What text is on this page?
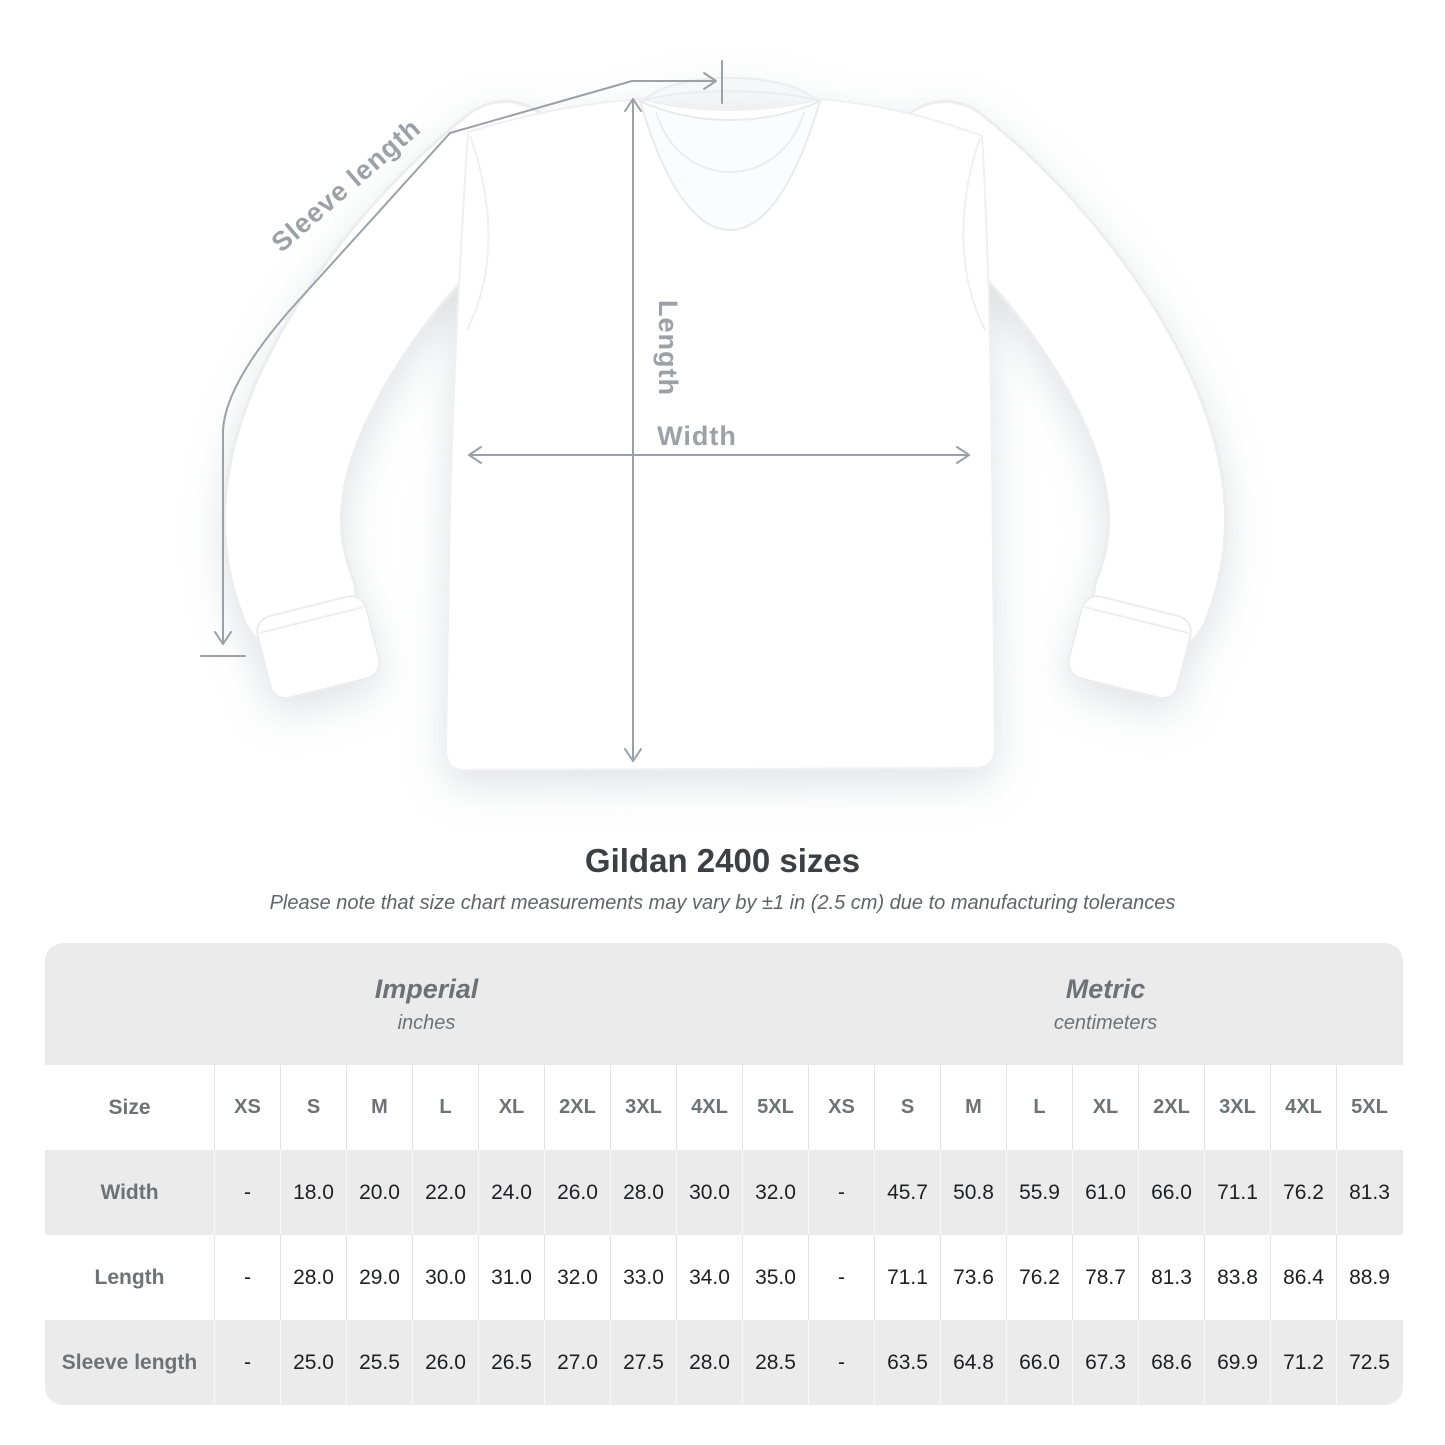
Width
Length
Sleeve length
Gildan 2400 sizes
Please note that size chart measurements may vary by ±1 in (2.5 cm) due to manufacturing tolerances
Imperial
inches
Metric
centimeters
Size	XS	S	M	L	XL	2XL	3XL	4XL	5XL	XS	S	M	L	XL	2XL	3XL	4XL	5XL
Width	-	18.0	20.0	22.0	24.0	26.0	28.0	30.0	32.0	-	45.7	50.8	55.9	61.0	66.0	71.1	76.2	81.3
Length	-	28.0	29.0	30.0	31.0	32.0	33.0	34.0	35.0	-	71.1	73.6	76.2	78.7	81.3	83.8	86.4	88.9
Sleeve length	-	25.0	25.5	26.0	26.5	27.0	27.5	28.0	28.5	-	63.5	64.8	66.0	67.3	68.6	69.9	71.2	72.5
